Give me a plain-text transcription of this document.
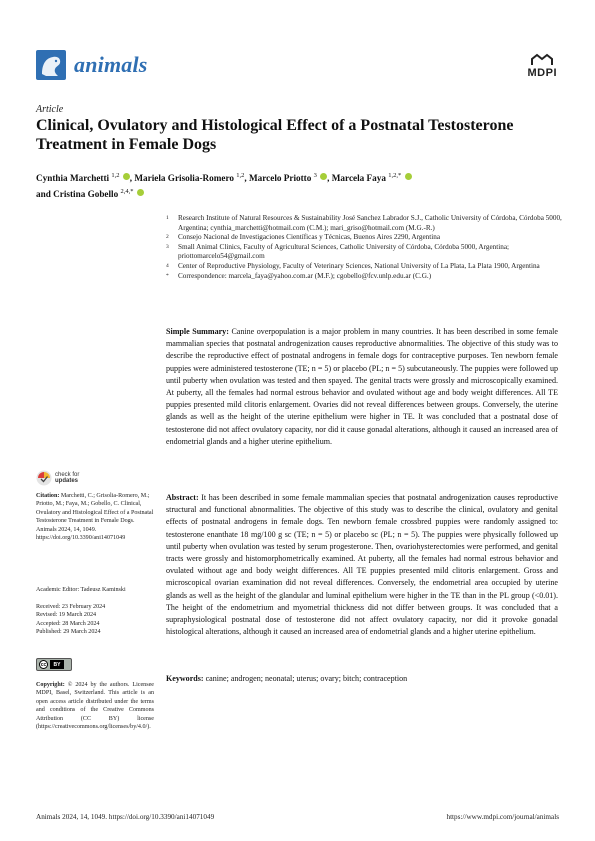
animals	MDPI
Article
Clinical, Ovulatory and Histological Effect of a Postnatal Testosterone Treatment in Female Dogs
Cynthia Marchetti $^{1,2}$ , Mariela Grisolia-Romero $^{1,2}$, Marcelo Priotto $^3$ , Marcela Faya $^{1,2,*}$
and Cristina Gobello $^{2,4,*}$
1	Research Institute of Natural Resources & Sustainability José Sanchez Labrador S.J., Catholic University of Córdoba, Córdoba 5000, Argentina; cynthia_marchetti@hotmail.com (C.M.); mari_griso@hotmail.com (M.G.-R.)
2	Consejo Nacional de Investigaciones Científicas y Técnicas, Buenos Aires 2290, Argentina
3	Small Animal Clinics, Faculty of Agricultural Sciences, Catholic University of Córdoba, Córdoba 5000, Argentina; priottomarcelo54@gmail.com
4	Center of Reproductive Physiology, Faculty of Veterinary Sciences, National University of La Plata, La Plata 1900, Argentina
*	Correspondence: marcela_faya@yahoo.com.ar (M.F.); cgobello@fcv.unlp.edu.ar (C.G.)
Simple Summary: Canine overpopulation is a major problem in many countries. It has been described in some female mammalian species that postnatal androgenization causes reproductive abnormalities. The objective of this study was to describe the reproductive effect of postnatal androgens in female dogs for contraceptive purposes. Ten newborn female puppies were administered testosterone (TE; n = 5) or placebo (PL; n = 5) subcutaneously. The puppies were followed up until puberty when ovulation was tested and then spayed. The genital tracts were grossly and microscopically examined. At puberty, all the females had normal estrous behavior and ovulated without age and body weight differences. All TE puppies presented mild clitoris enlargement. Ovaries did not reveal differences between groups. Conversely, the uterine glands as well as the height of the uterine epithelium were higher in TE. It was concluded that a postnatal dose of testosterone did not affect ovulatory capacity, nor did it cause gonadal alterations, although it caused an increased area of endometrial glands and a higher uterine epithelium.
Abstract: It has been described in some female mammalian species that postnatal androgenization causes reproductive structural and functional abnormalities. The objective of this study was to describe the clinical, ovulatory and genital effects of postnatal androgens in female dogs. Ten newborn female crossbred puppies were randomly assigned to: testosterone enanthate 18 mg/100 g sc (TE; n = 5) or placebo sc (PL; n = 5). The puppies were physically followed up until puberty when ovulation was tested by serum progesterone. Then, ovariohysterectomies were performed, and genital tracts were grossly and histomorphometrically examined. At puberty, all the females had normal estrous behavior and ovulated without age and body weight differences. All TE puppies presented mild clitoris enlargement. Gross and microscopical ovarian examination did not reveal differences. Conversely, the endometrial area occupied by uterine glands as well as the height of the glandular and luminal epithelium were higher in the TE than in the PL group (<0.01). The height of the endometrium and myometrial thickness did not differ between groups. It was concluded that a supraphysiological postnatal dose of testosterone did not affect ovulatory capacity, nor did it provoke gonadal histological alterations, although it caused an increased area of endometrial glands and a higher uterine epithelium.
Keywords: canine; androgen; neonatal; uterus; ovary; bitch; contraception
check for
updates
Citation: Marchetti, C.; Grisolia-Romero, M.; Priotto, M.; Faya, M.; Gobello, C. Clinical, Ovulatory and Histological Effect of a Postnatal Testosterone Treatment in Female Dogs. Animals 2024, 14, 1049. https://doi.org/10.3390/ani14071049
Academic Editor: Tadeusz Kaminski
Received: 23 February 2024
Revised: 19 March 2024
Accepted: 28 March 2024
Published: 29 March 2024
cc	BY
Copyright: © 2024 by the authors. Licensee MDPI, Basel, Switzerland. This article is an open access article distributed under the terms and conditions of the Creative Commons Attribution (CC BY) license (https://creativecommons.org/licenses/by/4.0/).
Animals 2024, 14, 1049. https://doi.org/10.3390/ani14071049	https://www.mdpi.com/journal/animals
